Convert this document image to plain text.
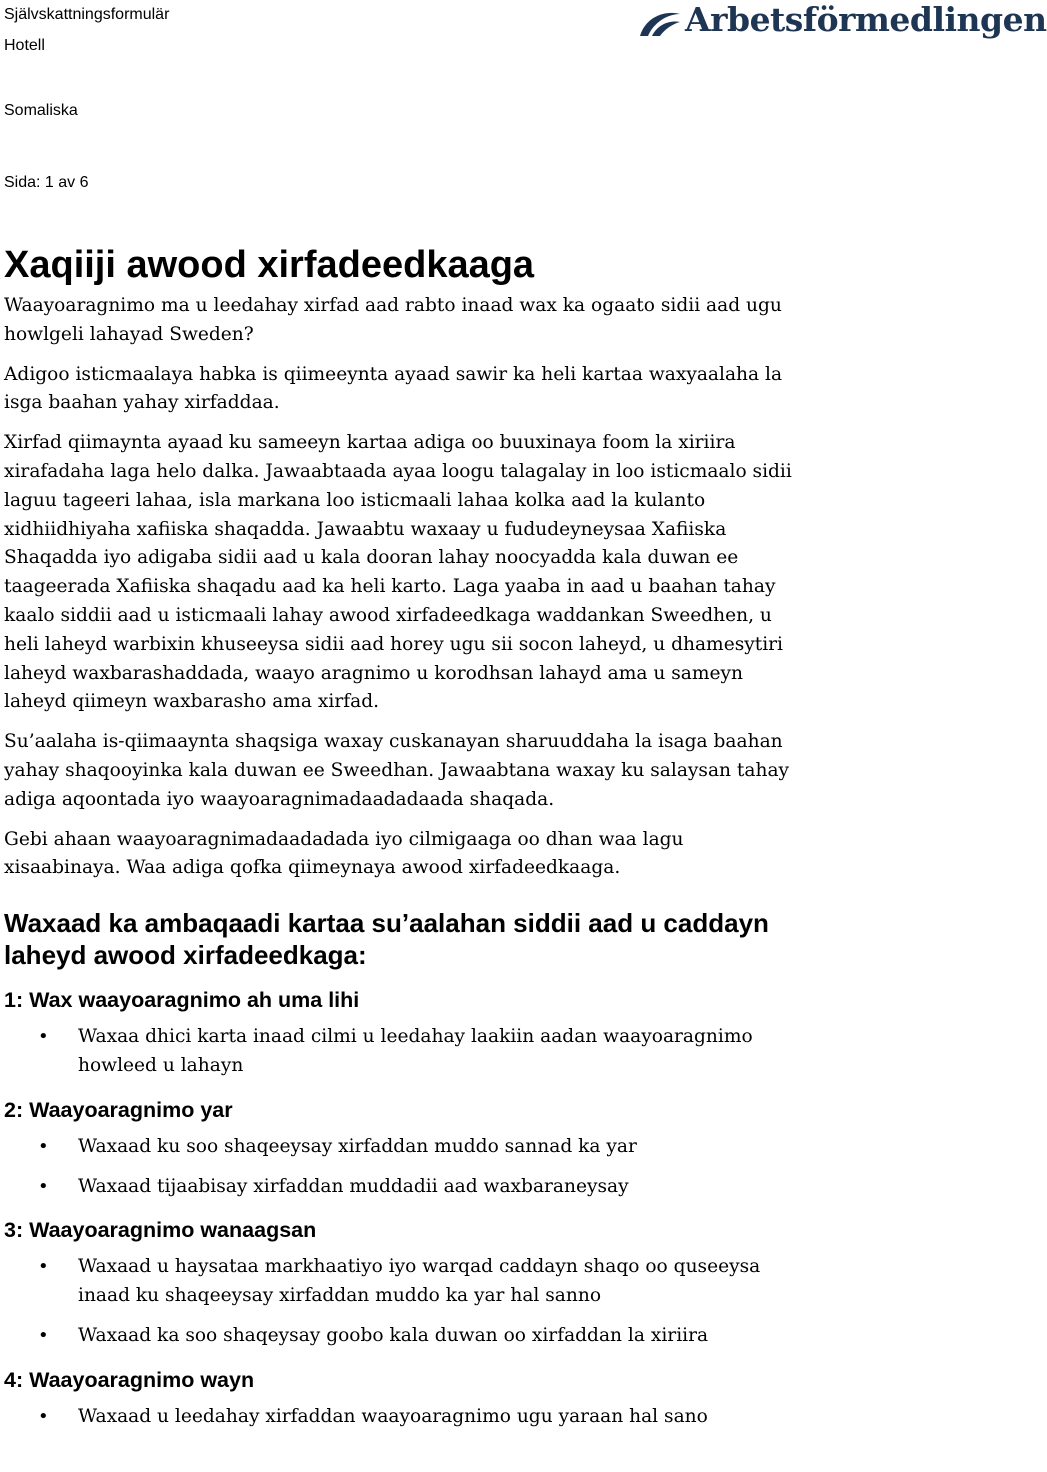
Självskattningsformulär
Hotell
Somaliska
Sida: 1 av 6
Arbetsförmedlingen
Xaqiiji awood xirfadeedkaaga

Waayoaragnimo ma u leedahay xirfad aad rabto inaad wax ka ogaato sidii aad ugu howlgeli lahayad Sweden?

Adigoo isticmaalaya habka is qiimeeynta ayaad sawir ka heli kartaa waxyaalaha la isga baahan yahay xirfaddaa.

Xirfad qiimaynta ayaad ku sameeyn kartaa adiga oo buuxinaya foom la xiriira xirafadaha laga helo dalka. Jawaabtaada ayaa loogu talagalay in loo isticmaalo sidii laguu tageeri lahaa, isla markana loo isticmaali lahaa kolka aad la kulanto xidhiidhiyaha xafiiska shaqadda. Jawaabtu waxaay u fududeyneysaa Xafiiska Shaqadda iyo adigaba sidii aad u kala dooran lahay noocyadda kala duwan ee taageerada Xafiiska shaqadu aad ka heli karto. Laga yaaba in aad u baahan tahay kaalo siddii aad u isticmaali lahay awood xirfadeedkaga waddankan Sweedhen, u heli laheyd warbixin khuseeysa sidii aad horey ugu sii socon laheyd, u dhamesytiri laheyd waxbarashaddada, waayo aragnimo u korodhsan lahayd ama u sameyn laheyd qiimeyn waxbarasho ama xirfad.

Su’aalaha is-qiimaaynta shaqsiga waxay cuskanayan sharuuddaha la isaga baahan yahay shaqooyinka kala duwan ee Sweedhan. Jawaabtana waxay ku salaysan tahay adiga aqoontada iyo waayoaragnimadaadadaada shaqada.

Gebi ahaan waayoaragnimadaadadada iyo cilmigaaga oo dhan waa lagu xisaabinaya. Waa adiga qofka qiimeynaya awood xirfadeedkaaga.

Waxaad ka ambaqaadi kartaa su’aalahan siddii aad u caddayn laheyd awood xirfadeedkaga:
1: Wax waayoaragnimo ah uma lihi
• Waxaa dhici karta inaad cilmi u leedahay laakiin aadan waayoaragnimo howleed u lahayn
2: Waayoaragnimo yar
• Waxaad ku soo shaqeeysay xirfaddan muddo sannad ka yar
• Waxaad tijaabisay xirfaddan muddadii aad waxbaraneysay
3: Waayoaragnimo wanaagsan
• Waxaad u haysataa markhaatiyo iyo warqad caddayn shaqo oo quseeysa inaad ku shaqeeysay xirfaddan muddo ka yar hal sanno
• Waxaad ka soo shaqeysay goobo kala duwan oo xirfaddan la xiriira
4: Waayoaragnimo wayn
• Waxaad u leedahay xirfaddan waayoaragnimo ugu yaraan hal sano
